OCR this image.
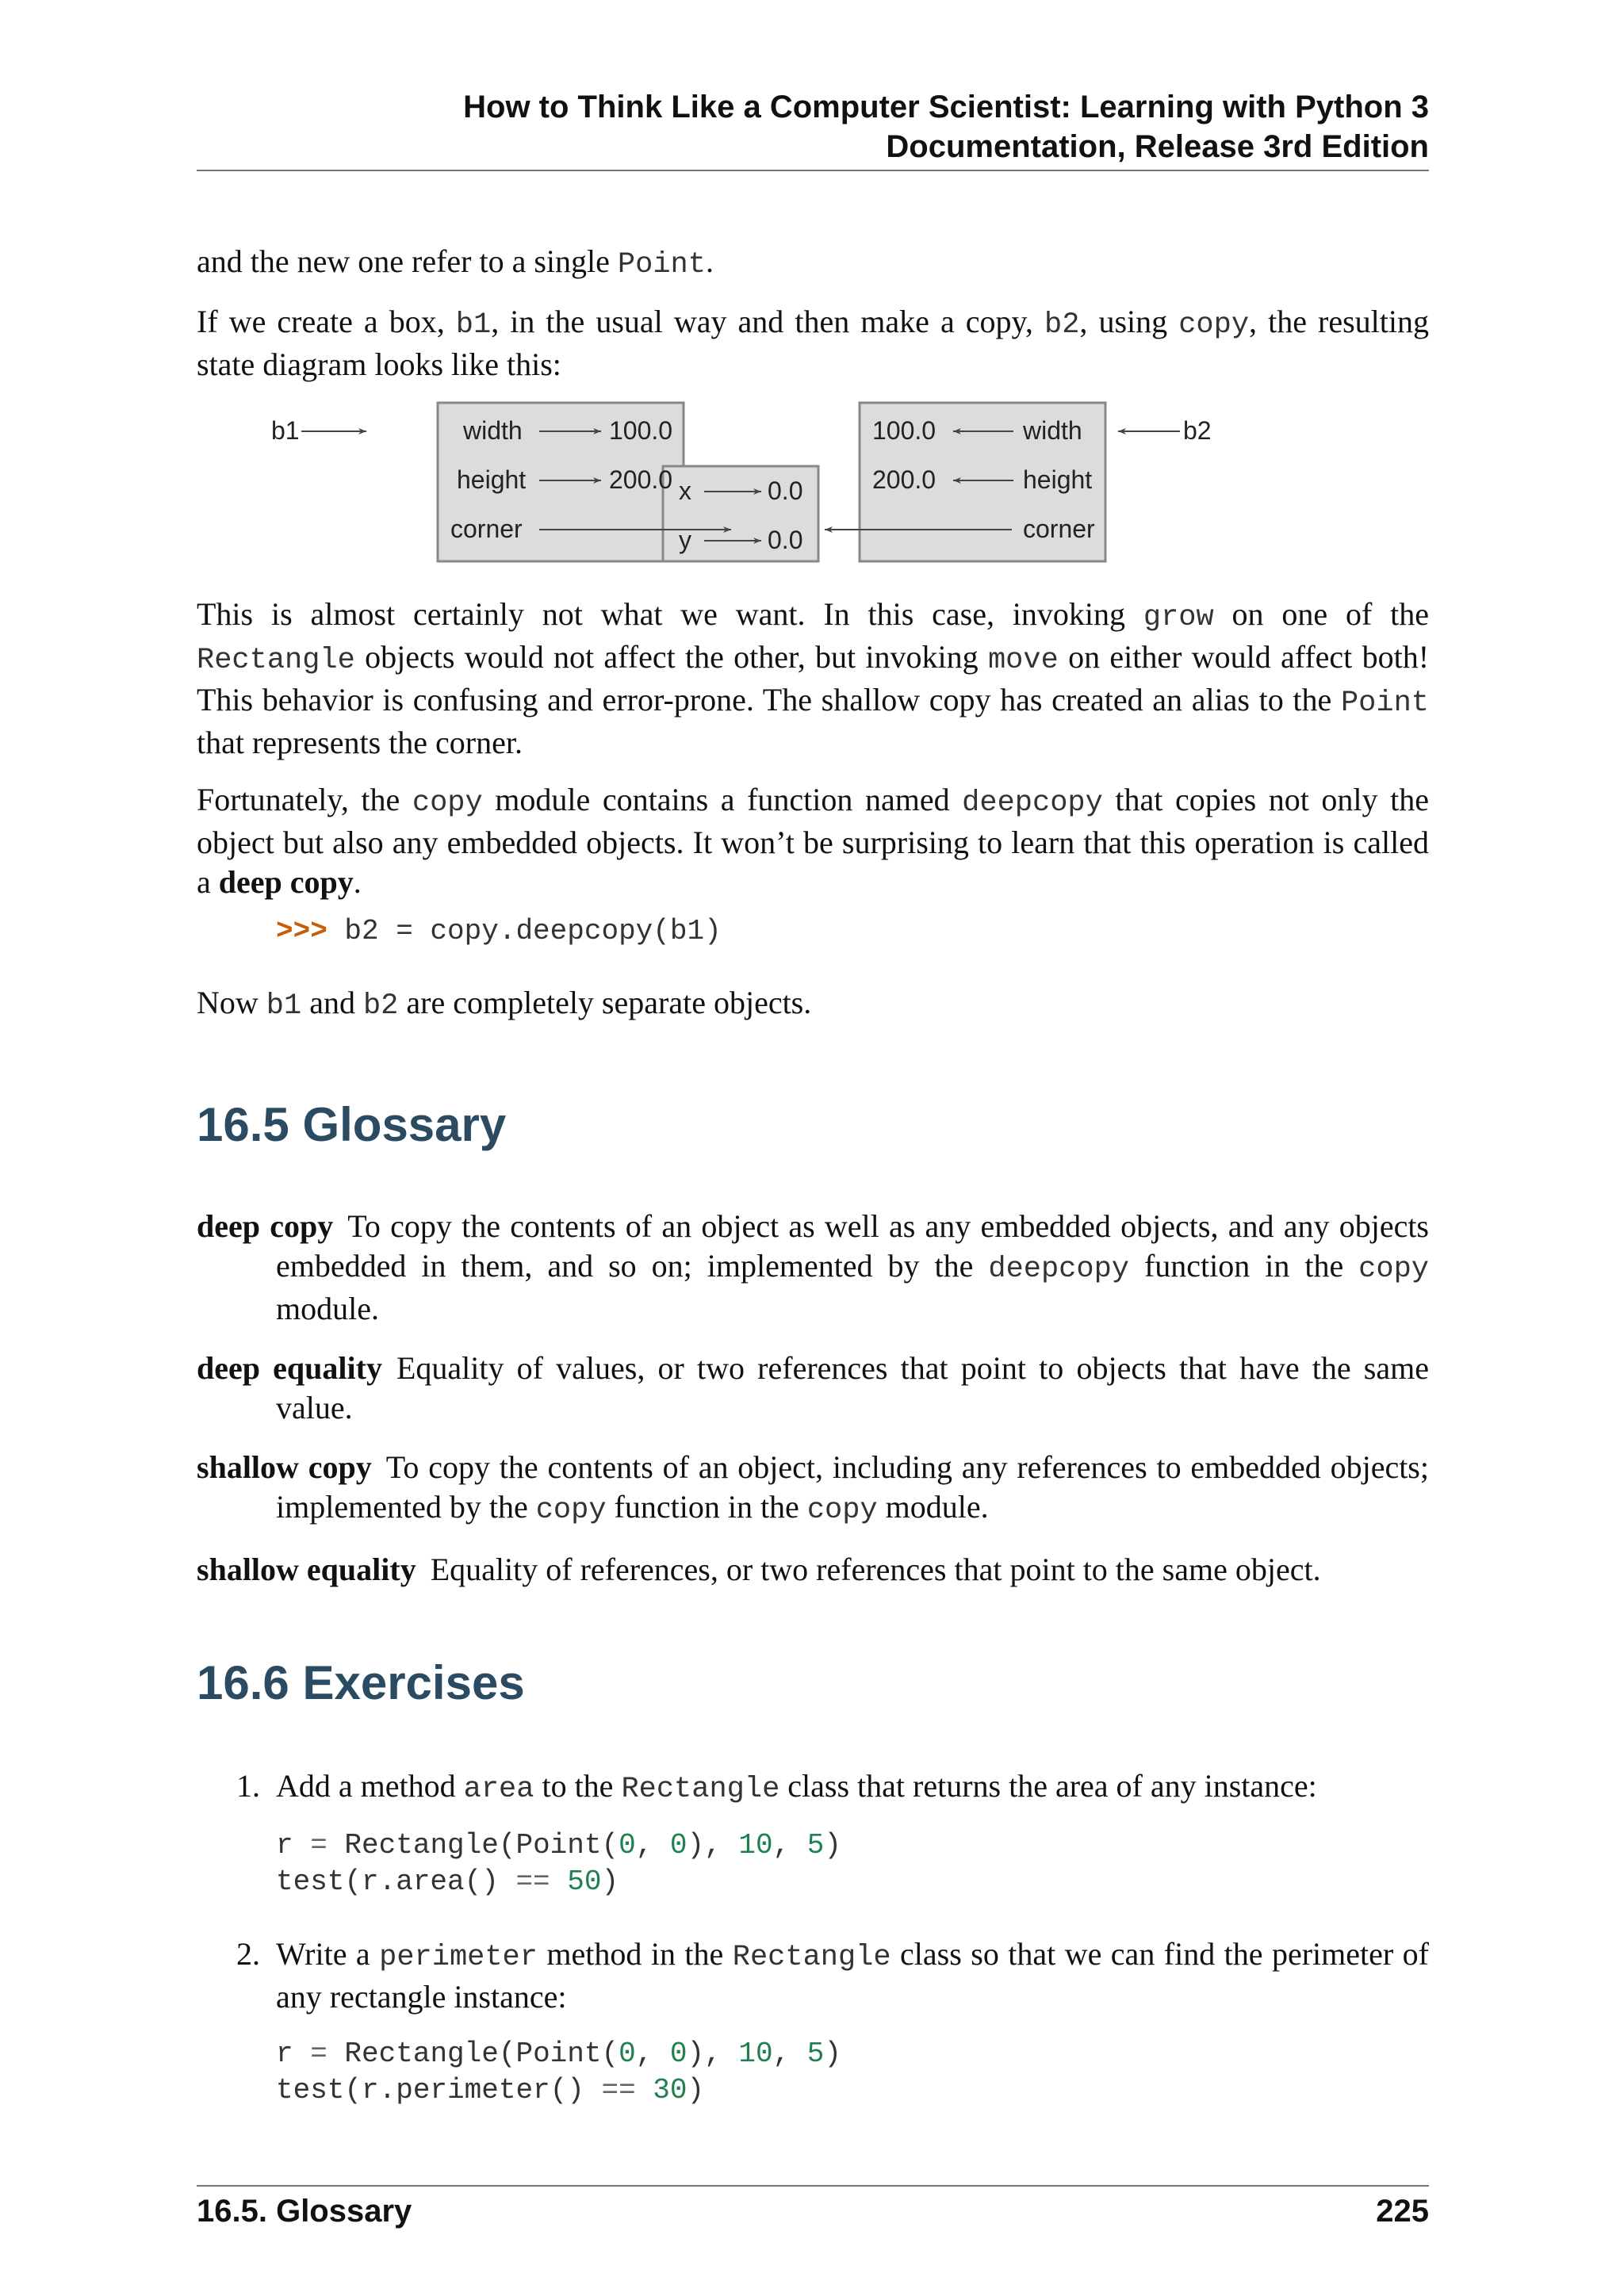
How to Think Like a Computer Scientist: Learning with Python 3
Documentation, Release 3rd Edition

and the new one refer to a single Point.

If we create a box, b1, in the usual way and then make a copy, b2, using copy, the resulting state diagram looks like this:

b1	width	100.0
height	200.0
corner
x	0.0
y	0.0
100.0	width
200.0	height
corner
b2

This is almost certainly not what we want. In this case, invoking grow on one of the Rectangle objects would not affect the other, but invoking move on either would affect both! This behavior is confusing and error-prone. The shallow copy has created an alias to the Point that represents the corner.

Fortunately, the copy module contains a function named deepcopy that copies not only the object but also any embedded objects. It won’t be surprising to learn that this operation is called a deep copy.

>>> b2 = copy.deepcopy(b1)

Now b1 and b2 are completely separate objects.

16.5 Glossary
deep copy To copy the contents of an object as well as any embedded objects, and any objects embedded in them, and so on; implemented by the deepcopy function in the copy module.
deep equality Equality of values, or two references that point to objects that have the same value.
shallow copy To copy the contents of an object, including any references to embedded objects; implemented by the copy function in the copy module.
shallow equality Equality of references, or two references that point to the same object.
16.6 Exercises
1. Add a method area to the Rectangle class that returns the area of any instance:
r = Rectangle(Point(0, 0), 10, 5)
test(r.area() == 50)
2. Write a perimeter method in the Rectangle class so that we can find the perimeter of any rectangle instance:
r = Rectangle(Point(0, 0), 10, 5)
test(r.perimeter() == 30)
16.5. Glossary	225
